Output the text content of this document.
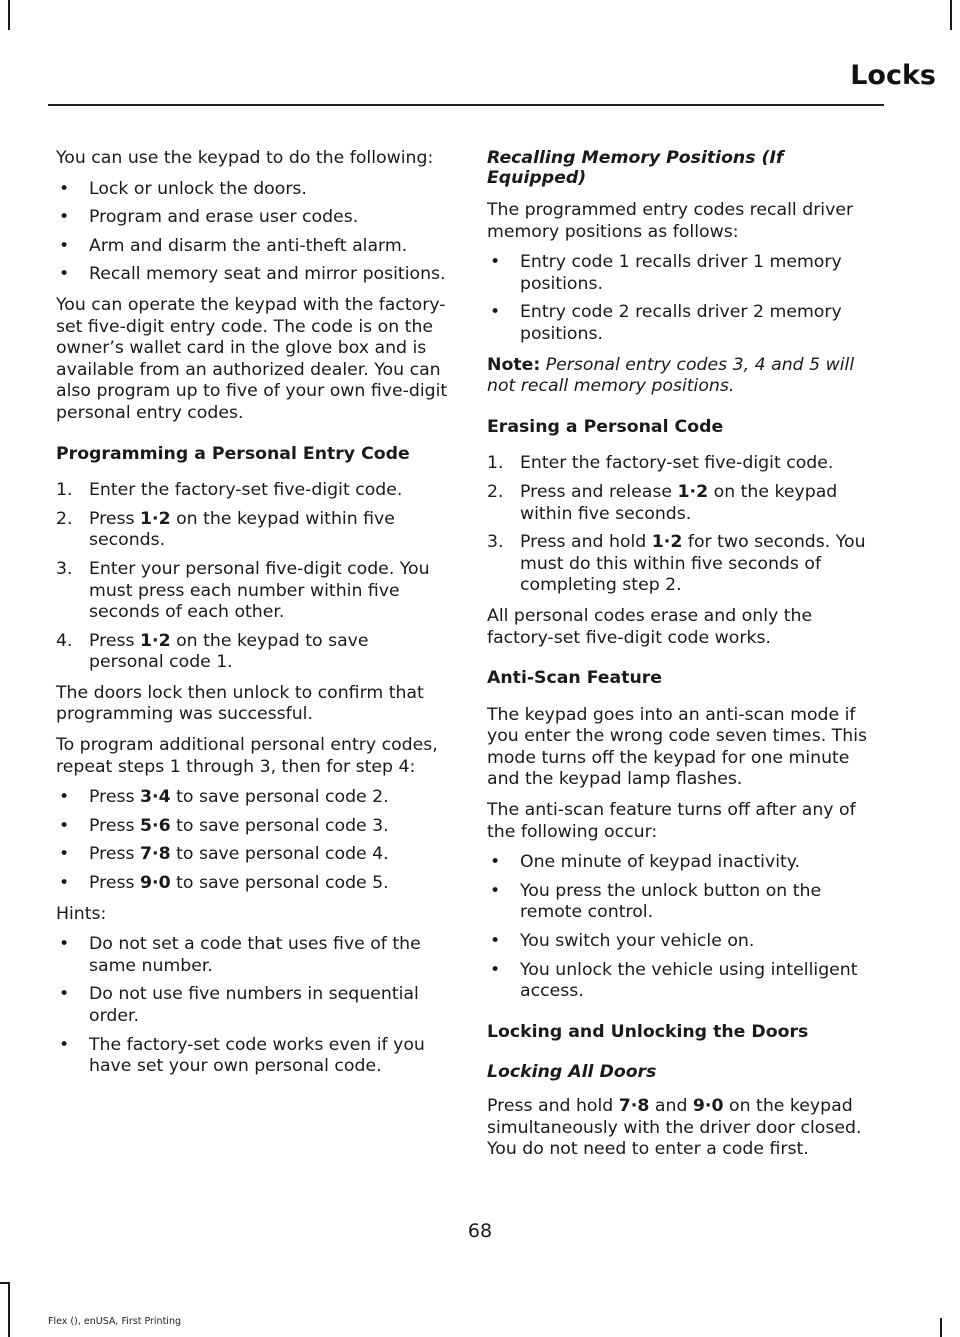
Locks

You can use the keypad to do the following:

•	Lock or unlock the doors.
•	Program and erase user codes.
•	Arm and disarm the anti-theft alarm.
•	Recall memory seat and mirror positions.

You can operate the keypad with the factory-set five-digit entry code. The code is on the owner’s wallet card in the glove box and is available from an authorized dealer. You can also program up to five of your own five-digit personal entry codes.

Programming a Personal Entry Code
1. Enter the factory-set five-digit code.
2. Press 1·2 on the keypad within five seconds.
3. Enter your personal five-digit code. You must press each number within five seconds of each other.
4. Press 1·2 on the keypad to save personal code 1.

The doors lock then unlock to confirm that programming was successful.

To program additional personal entry codes, repeat steps 1 through 3, then for step 4:

•	Press 3·4 to save personal code 2.
•	Press 5·6 to save personal code 3.
•	Press 7·8 to save personal code 4.
•	Press 9·0 to save personal code 5.

Hints:

•	Do not set a code that uses five of the same number.
•	Do not use five numbers in sequential order.
•	The factory-set code works even if you have set your own personal code.
Recalling Memory Positions (If Equipped)

The programmed entry codes recall driver memory positions as follows:

•	Entry code 1 recalls driver 1 memory positions.
•	Entry code 2 recalls driver 2 memory positions.

Note: Personal entry codes 3, 4 and 5 will not recall memory positions.

Erasing a Personal Code
1. Enter the factory-set five-digit code.
2. Press and release 1·2 on the keypad within five seconds.
3. Press and hold 1·2 for two seconds. You must do this within five seconds of completing step 2.

All personal codes erase and only the factory-set five-digit code works.

Anti-Scan Feature

The keypad goes into an anti-scan mode if you enter the wrong code seven times. This mode turns off the keypad for one minute and the keypad lamp flashes.

The anti-scan feature turns off after any of the following occur:

•	One minute of keypad inactivity.
•	You press the unlock button on the remote control.
•	You switch your vehicle on.
•	You unlock the vehicle using intelligent access.
Locking and Unlocking the Doors
Locking All Doors

Press and hold 7·8 and 9·0 on the keypad simultaneously with the driver door closed. You do not need to enter a code first.

68
Flex (), enUSA, First Printing
